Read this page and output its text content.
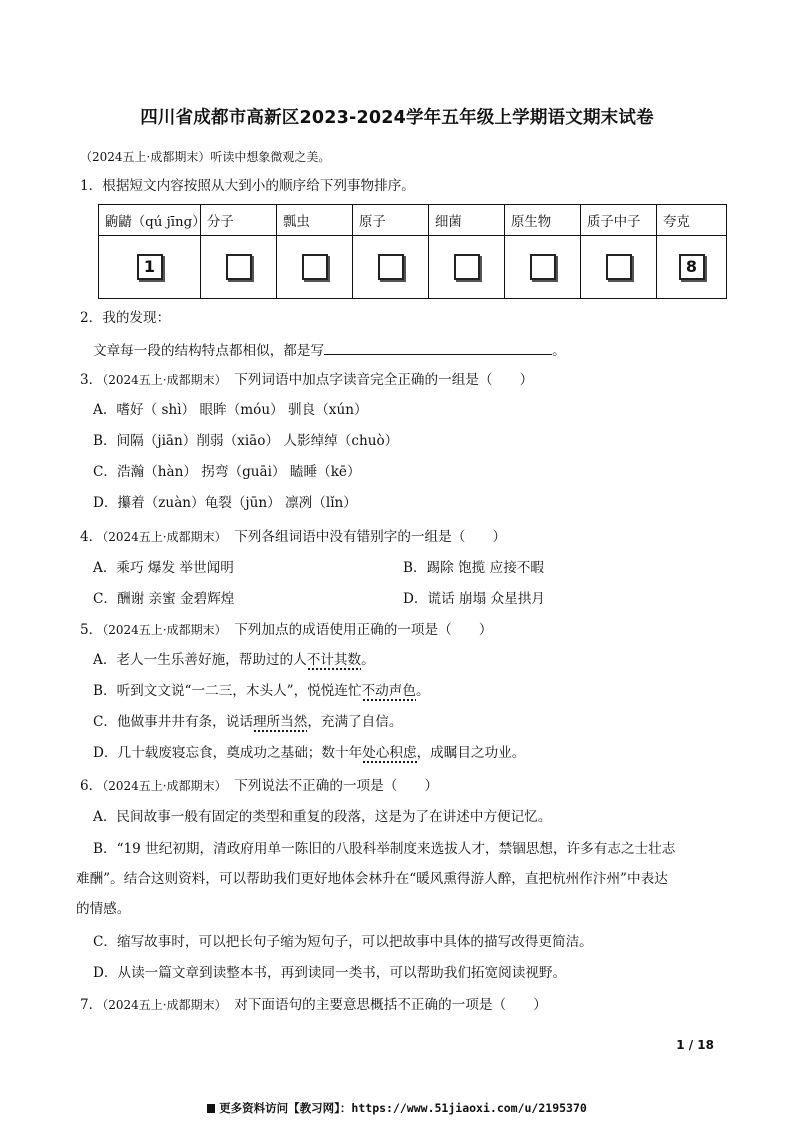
四川省成都市高新区2023-2024学年五年级上学期语文期末试卷
（2024五上·成都期末）听读中想象微观之美。
1．根据短文内容按照从大到小的顺序给下列事物排序。
鼩鼱（qú jīng）	分子	瓢虫	原子	细菌	原生物	质子中子	夸克

1							8
2．我的发现：
文章每一段的结构特点都相似，都是写	。
3．（2024五上·成都期末）　 下列词语中加点字读音完全正确的一组是（　　）
A．嗜好（ shì） 眼眸（móu） 驯良（xún）
B．间隔（jiān）削弱（xiāo） 人影绰绰（chuò）
C．浩瀚（hàn） 拐弯（guāi） 瞌睡（kē）
D．攥着（zuàn）龟裂（jūn） 凛冽（lǐn）
4．（2024五上·成都期末）　 下列各组词语中没有错别字的一组是（　　）
A．乘巧 爆发 举世闻明	B．踢除 饱揽 应接不暇
C．酬谢 亲蜜 金碧辉煌	D．谎话 崩塌 众星拱月
5．（2024五上·成都期末）　 下列加点的成语使用正确的一项是（　　）
A．老人一生乐善好施，帮助过的人不计其数。
B．听到文文说“一二三，木头人”，悦悦连忙不动声色。
C．他做事井井有条，说话理所当然，充满了自信。
D．几十载废寝忘食，奠成功之基础；数十年处心积虑，成瞩目之功业。
6．（2024五上·成都期末）　 下列说法不正确的一项是（　　）
A．民间故事一般有固定的类型和重复的段落，这是为了在讲述中方便记忆。
B．“19 世纪初期，清政府用单一陈旧的八股科举制度来选拔人才，禁锢思想，许多有志之士壮志
难酬”。结合这则资料，可以帮助我们更好地体会林升在“暖风熏得游人醉，直把杭州作汴州”中表达
的情感。
C．缩写故事时，可以把长句子缩为短句子，可以把故事中具体的描写改得更简洁。
D．从读一篇文章到读整本书，再到读同一类书，可以帮助我们拓宽阅读视野。
7．（2024五上·成都期末）　 对下面语句的主要意思概括不正确的一项是（　　）
1 / 18
更多资料访问【教习网】：https://www.51jiaoxi.com/u/2195370
